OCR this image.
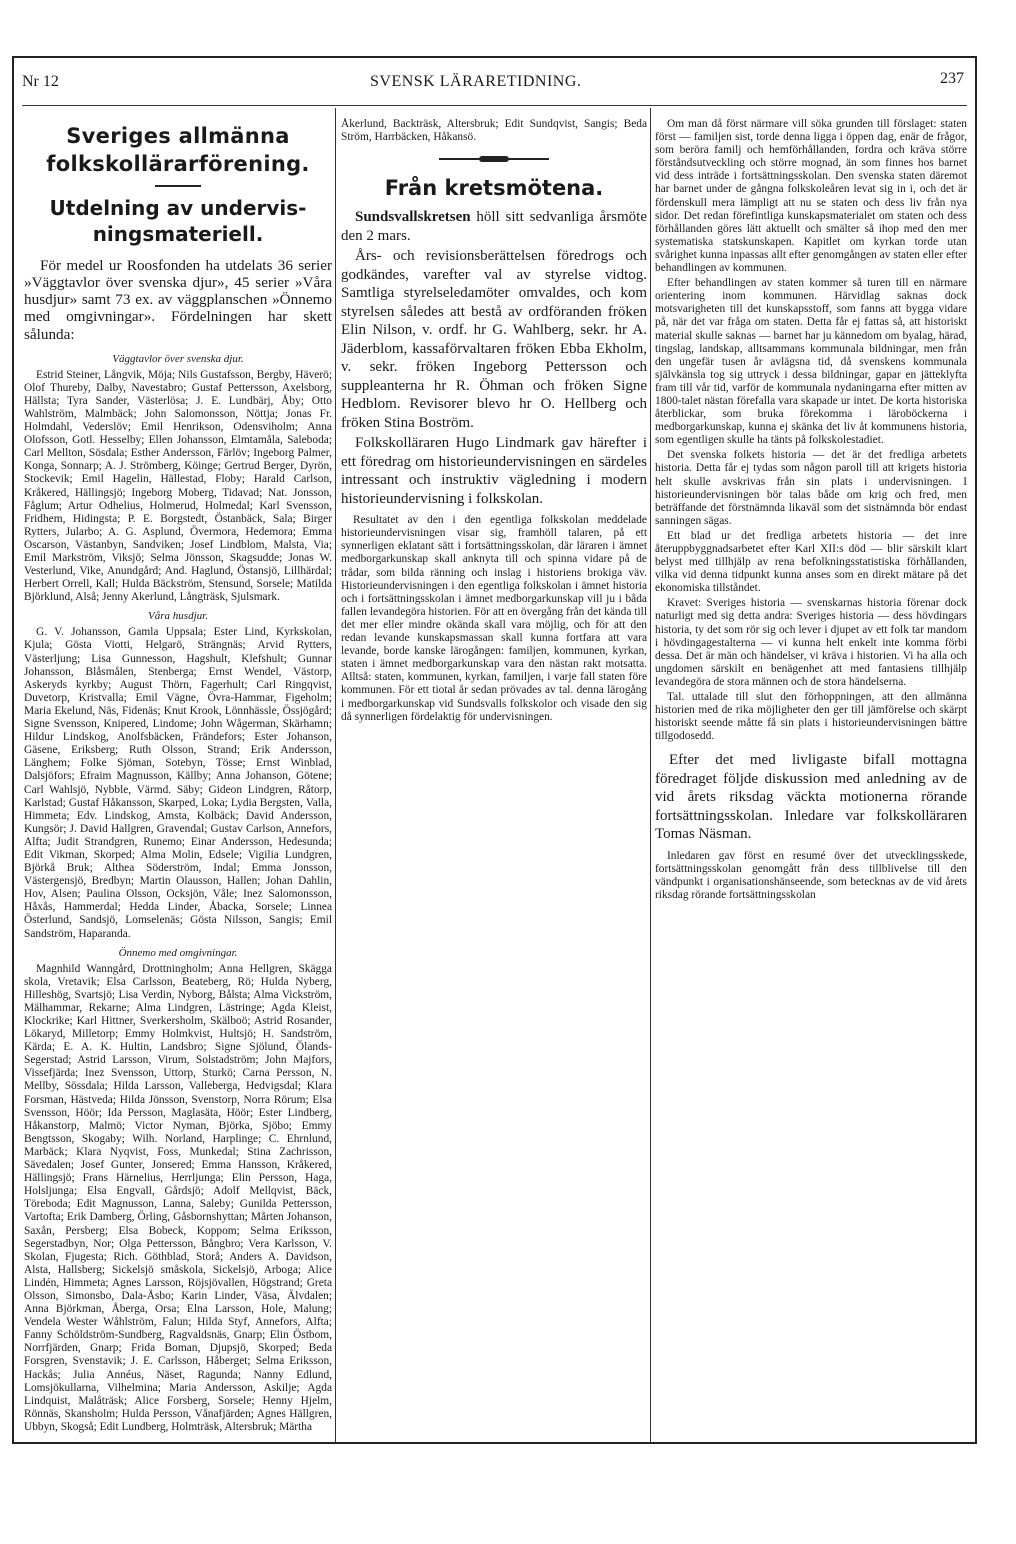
Nr 12	SVENSK LÄRARETIDNING.	237
Sveriges allmänna folkskollärarförening.
Utdelning av undervis-ningsmateriell.

För medel ur Roosfonden ha utdelats 36 serier »Väggtavlor över svenska djur», 45 serier »Våra husdjur» samt 73 ex. av väggplanschen »Önnemo med omgivningar». Fördelningen har skett sålunda:

Väggtavlor över svenska djur.

Estrid Steiner, Långvik, Möja; Nils Gustafsson, Bergby, Häverö; Olof Thureby, Dalby, Navestabro; Gustaf Pettersson, Axelsborg, Hällsta; Tyra Sander, Västerlösa; J. E. Lundbärj, Åby; Otto Wahlström, Malmbäck; John Salomonsson, Nöttja; Jonas Fr. Holmdahl, Vederslöv; Emil Henrikson, Odensviholm; Anna Olofsson, Gotl. Hesselby; Ellen Johansson, Elmtamåla, Saleboda; Carl Mellton, Sösdala; Esther Andersson, Färlöv; Ingeborg Palmer, Konga, Sonnarp; A. J. Strömberg, Köinge; Gertrud Berger, Dyrön, Stockevik; Emil Hagelin, Hällestad, Floby; Harald Carlson, Kråkered, Hällingsjö; Ingeborg Moberg, Tidavad; Nat. Jonsson, Fåglum; Artur Odhelius, Holmerud, Holmedal; Karl Svensson, Fridhem, Hidingsta; P. E. Borgstedt, Östanbäck, Sala; Birger Rytters, Jularbo; A. G. Asplund, Övermora, Hedemora; Emma Oscarson, Västanbyn, Sandviken; Josef Lindblom, Malsta, Via; Emil Markström, Viksjö; Selma Jönsson, Skagsudde; Jonas W. Vesterlund, Vike, Anundgård; And. Haglund, Östansjö, Lillhärdal; Herbert Orrell, Kall; Hulda Bäckström, Stensund, Sorsele; Matilda Björklund, Alså; Jenny Akerlund, Långträsk, Sjulsmark.

Våra husdjur.

G. V. Johansson, Gamla Uppsala; Ester Lind, Kyrkskolan, Kjula; Gösta Viotti, Helgarö, Strängnäs; Arvid Rytters, Västerljung; Lisa Gunnesson, Hagshult, Klefshult; Gunnar Johansson, Blåsmålen, Stenberga; Ernst Wendel, Västorp, Askeryds kyrkby; August Thörn, Fagerhult; Carl Ringqvist, Duvetorp, Kristvalla; Emil Vägne, Övra-Hammar, Figeholm; Maria Ekelund, Näs, Fidenäs; Knut Krook, Lönnhässle, Össjögård; Signe Svensson, Knipered, Lindome; John Wågerman, Skärhamn; Hildur Lindskog, Anolfsbäcken, Frändefors; Ester Johanson, Gäsene, Eriksberg; Ruth Olsson, Strand; Erik Andersson, Länghem; Folke Sjöman, Sotebyn, Tösse; Ernst Winblad, Dalsjöfors; Efraim Magnusson, Källby; Anna Johanson, Götene; Carl Wahlsjö, Nybble, Värmd. Säby; Gideon Lindgren, Råtorp, Karlstad; Gustaf Håkansson, Skarped, Loka; Lydia Bergsten, Valla, Himmeta; Edv. Lindskog, Amsta, Kolbäck; David Andersson, Kungsör; J. David Hallgren, Gravendal; Gustav Carlson, Annefors, Alfta; Judit Strandgren, Runemo; Einar Andersson, Hedesunda; Edit Vikman, Skorped; Alma Molin, Edsele; Vigilia Lundgren, Björkå Bruk; Althea Söderström, Indal; Emma Jonsson, Västergensjö, Bredbyn; Martin Olausson, Hallen; Johan Dahlin, Hov, Alsen; Paulina Olsson, Ocksjön, Våle; Inez Salomonsson, Håxås, Hammerdal; Hedda Linder, Åbacka, Sorsele; Linnea Österlund, Sandsjö, Lomselenäs; Gösta Nilsson, Sangis; Emil Sandström, Haparanda.

Önnemo med omgivningar.

Magnhild Wanngård, Drottningholm; Anna Hellgren, Skägga skola, Vretavik; Elsa Carlsson, Beateberg, Rö; Hulda Nyberg, Hilleshög, Svartsjö; Lisa Verdin, Nyborg, Bålsta; Alma Vickström, Mälhammar, Rekarne; Alma Lindgren, Lästringe; Agda Kleist, Klockrike; Karl Hittner, Sverkersholm, Skälboö; Astrid Rosander, Lökaryd, Milletorp; Emmy Holmkvist, Hultsjö; H. Sandström, Kärda; E. A. K. Hultin, Landsbro; Signe Sjölund, Ölands-Segerstad; Astrid Larsson, Virum, Solstadström; John Majfors, Vissefjärda; Inez Svensson, Uttorp, Sturkö; Carna Persson, N. Mellby, Sössdala; Hilda Larsson, Valleberga, Hedvigsdal; Klara Forsman, Hästveda; Hilda Jönsson, Svenstorp, Norra Rörum; Elsa Svensson, Höör; Ida Persson, Maglasäta, Höör; Ester Lindberg, Håkanstorp, Malmö; Victor Nyman, Björka, Sjöbo; Emmy Bengtsson, Skogaby; Wilh. Norland, Harplinge; C. Ehrnlund, Marbäck; Klara Nyqvist, Foss, Munkedal; Stina Zachrisson, Sävedalen; Josef Gunter, Jonsered; Emma Hansson, Kråkered, Hällingsjö; Frans Härnelius, Herrljunga; Elin Persson, Haga, Holsljunga; Elsa Engvall, Gårdsjö; Adolf Mellqvist, Bäck, Töreboda; Edit Magnusson, Lanna, Saleby; Gunilda Pettersson, Vartofta; Erik Damberg, Örling, Gåsbornshyttan; Mårten Johanson, Saxån, Persberg; Elsa Bobeck, Koppom; Selma Eriksson, Segerstadbyn, Nor; Olga Pettersson, Bångbro; Vera Karlsson, V. Skolan, Fjugesta; Rich. Göthblad, Storå; Anders A. Davidson, Alsta, Hallsberg; Sickelsjö småskola, Sickelsjö, Arboga; Alice Lindén, Himmeta; Agnes Larsson, Röjsjövallen, Högstrand; Greta Olsson, Simonsbo, Dala-Åsbo; Karin Linder, Väsa, Älvdalen; Anna Björkman, Åberga, Orsa; Elna Larsson, Hole, Malung; Vendela Wester Wåhlström, Falun; Hilda Styf, Annefors, Alfta; Fanny Schöldström-Sundberg, Ragvaldsnäs, Gnarp; Elin Östbom, Norrfjärden, Gnarp; Frida Boman, Djupsjö, Skorped; Beda Forsgren, Svenstavik; J. E. Carlsson, Håberget; Selma Eriksson, Hackås; Julia Annéus, Näset, Ragunda; Nanny Edlund, Lomsjökullarna, Vilhelmina; Maria Andersson, Askilje; Agda Lindquist, Malåträsk; Alice Forsberg, Sorsele; Henny Hjelm, Rönnäs, Skansholm; Hulda Persson, Vånafjärden; Agnes Hällgren, Ubbyn, Skogså; Edit Lundberg, Holmträsk, Altersbruk; Märtha

Åkerlund, Backträsk, Altersbruk; Edit Sundqvist, Sangis; Beda Ström, Harrbäcken, Håkansö.

Från kretsmötena.

Sundsvallskretsen höll sitt sedvanliga årsmöte den 2 mars.

Års- och revisionsberättelsen föredrogs och godkändes, varefter val av styrelse vidtog. Samtliga styrelseledamöter omvaldes, och kom styrelsen således att bestå av ordföranden fröken Elin Nilson, v. ordf. hr G. Wahlberg, sekr. hr A. Jäderblom, kassaförvaltaren fröken Ebba Ekholm, v. sekr. fröken Ingeborg Pettersson och suppleanterna hr R. Öhman och fröken Signe Hedblom. Revisorer blevo hr O. Hellberg och fröken Stina Boström.

Folkskolläraren Hugo Lindmark gav härefter i ett föredrag om historieundervisningen en särdeles intressant och instruktiv vägledning i modern historieundervisning i folkskolan.

Resultatet av den i den egentliga folkskolan meddelade historieundervisningen visar sig, framhöll talaren, på ett synnerligen eklatant sätt i fortsättningsskolan, där läraren i ämnet medborgarkunskap skall anknyta till och spinna vidare på de trådar, som bilda ränning och inslag i historiens brokiga väv. Historieundervisningen i den egentliga folkskolan i ämnet historia och i fortsättningsskolan i ämnet medborgarkunskap vill ju i båda fallen levandegöra historien. För att en övergång från det kända till det mer eller mindre okända skall vara möjlig, och för att den redan levande kunskapsmassan skall kunna fortfara att vara levande, borde kanske lärogången: familjen, kommunen, kyrkan, staten i ämnet medborgarkunskap vara den nästan rakt motsatta. Alltså: staten, kommunen, kyrkan, familjen, i varje fall staten före kommunen. För ett tiotal år sedan prövades av tal. denna lärogång i medborgarkunskap vid Sundsvalls folkskolor och visade den sig då synnerligen fördelaktig för undervisningen.

Om man då först närmare vill söka grunden till förslaget: staten först — familjen sist, torde denna ligga i öppen dag, enär de frågor, som beröra familj och hemförhållanden, fordra och kräva större förståndsutveckling och större mognad, än som finnes hos barnet vid dess inträde i fortsättningsskolan. Den svenska staten däremot har barnet under de gångna folkskoleåren levat sig in i, och det är fördenskull mera lämpligt att nu se staten och dess liv från nya sidor. Det redan förefintliga kunskapsmaterialet om staten och dess förhållanden göres lätt aktuellt och smälter så ihop med den mer systematiska statskunskapen. Kapitlet om kyrkan torde utan svårighet kunna inpassas allt efter genomgången av staten eller efter behandlingen av kommunen.

Efter behandlingen av staten kommer så turen till en närmare orientering inom kommunen. Härvidlag saknas dock motsvarigheten till det kunskapsstoff, som fanns att bygga vidare på, när det var fråga om staten. Detta får ej fattas så, att historiskt material skulle saknas — barnet har ju kännedom om byalag, härad, tingslag, landskap, alltsammans kommunala bildningar, men från den ungefär tusen år avlägsna tid, då svenskens kommunala självkänsla tog sig uttryck i dessa bildningar, gapar en jätteklyfta fram till vår tid, varför de kommunala nydaningarna efter mitten av 1800-talet nästan förefalla vara skapade ur intet. De korta historiska återblickar, som bruka förekomma i läroböckerna i medborgarkunskap, kunna ej skänka det liv åt kommunens historia, som egentligen skulle ha tänts på folkskolestadiet.

Det svenska folkets historia — det är det fredliga arbetets historia. Detta får ej tydas som någon paroll till att krigets historia helt skulle avskrivas från sin plats i undervisningen. I historieundervisningen bör talas både om krig och fred, men beträffande det förstnämnda likaväl som det sistnämnda bör endast sanningen sägas.

Ett blad ur det fredliga arbetets historia — det inre återuppbyggnadsarbetet efter Karl XII:s död — blir särskilt klart belyst med tillhjälp av rena befolkningsstatistiska förhållanden, vilka vid denna tidpunkt kunna anses som en direkt mätare på det ekonomiska tillståndet.

Kravet: Sveriges historia — svenskarnas historia förenar dock naturligt med sig detta andra: Sveriges historia — dess hövdingars historia, ty det som rör sig och lever i djupet av ett folk tar mandom i hövdingagestalterna — vi kunna helt enkelt inte komma förbi dessa. Det är män och händelser, vi kräva i historien. Vi ha alla och ungdomen särskilt en benägenhet att med fantasiens tillhjälp levandegöra de stora männen och de stora händelserna.

Tal. uttalade till slut den förhoppningen, att den allmänna historien med de rika möjligheter den ger till jämförelse och skärpt historiskt seende måtte få sin plats i historieundervisningen bättre tillgodosedd.

Efter det med livligaste bifall mottagna föredraget följde diskussion med anledning av de vid årets riksdag väckta motionerna rörande fortsättningsskolan. Inledare var folkskolläraren Tomas Näsman.

Inledaren gav först en resumé över det utvecklingsskede, fortsättningsskolan genomgått från dess tillblivelse till den vändpunkt i organisationshänseende, som betecknas av de vid årets riksdag rörande fortsättningsskolan
